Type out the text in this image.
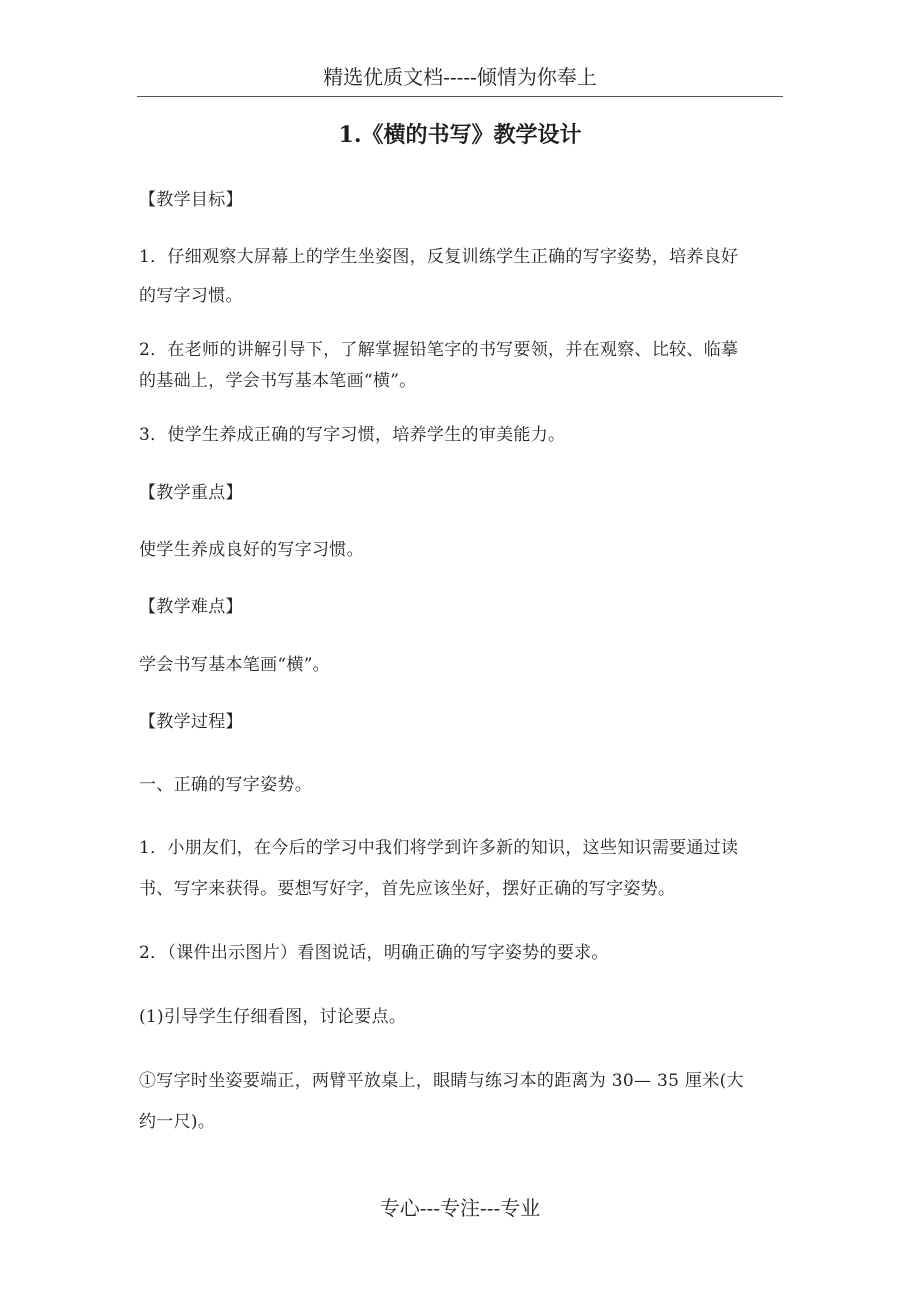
精选优质文档-----倾情为你奉上
1.《横的书写》教学设计
【教学目标】
1．仔细观察大屏幕上的学生坐姿图，反复训练学生正确的写字姿势，培养良好
的写字习惯。
2．在老师的讲解引导下，了解掌握铅笔字的书写要领，并在观察、比较、临摹
的基础上，学会书写基本笔画“横”。
3．使学生养成正确的写字习惯，培养学生的审美能力。
【教学重点】
使学生养成良好的写字习惯。
【教学难点】
学会书写基本笔画“横”。
【教学过程】
一、正确的写字姿势。
1．小朋友们，在今后的学习中我们将学到许多新的知识，这些知识需要通过读
书、写字来获得。要想写好字，首先应该坐好，摆好正确的写字姿势。
2．（课件出示图片）看图说话，明确正确的写字姿势的要求。
(1)引导学生仔细看图，讨论要点。
①写字时坐姿要端正，两臂平放桌上，眼睛与练习本的距离为 30— 35 厘米(大
约一尺)。
专心---专注---专业
